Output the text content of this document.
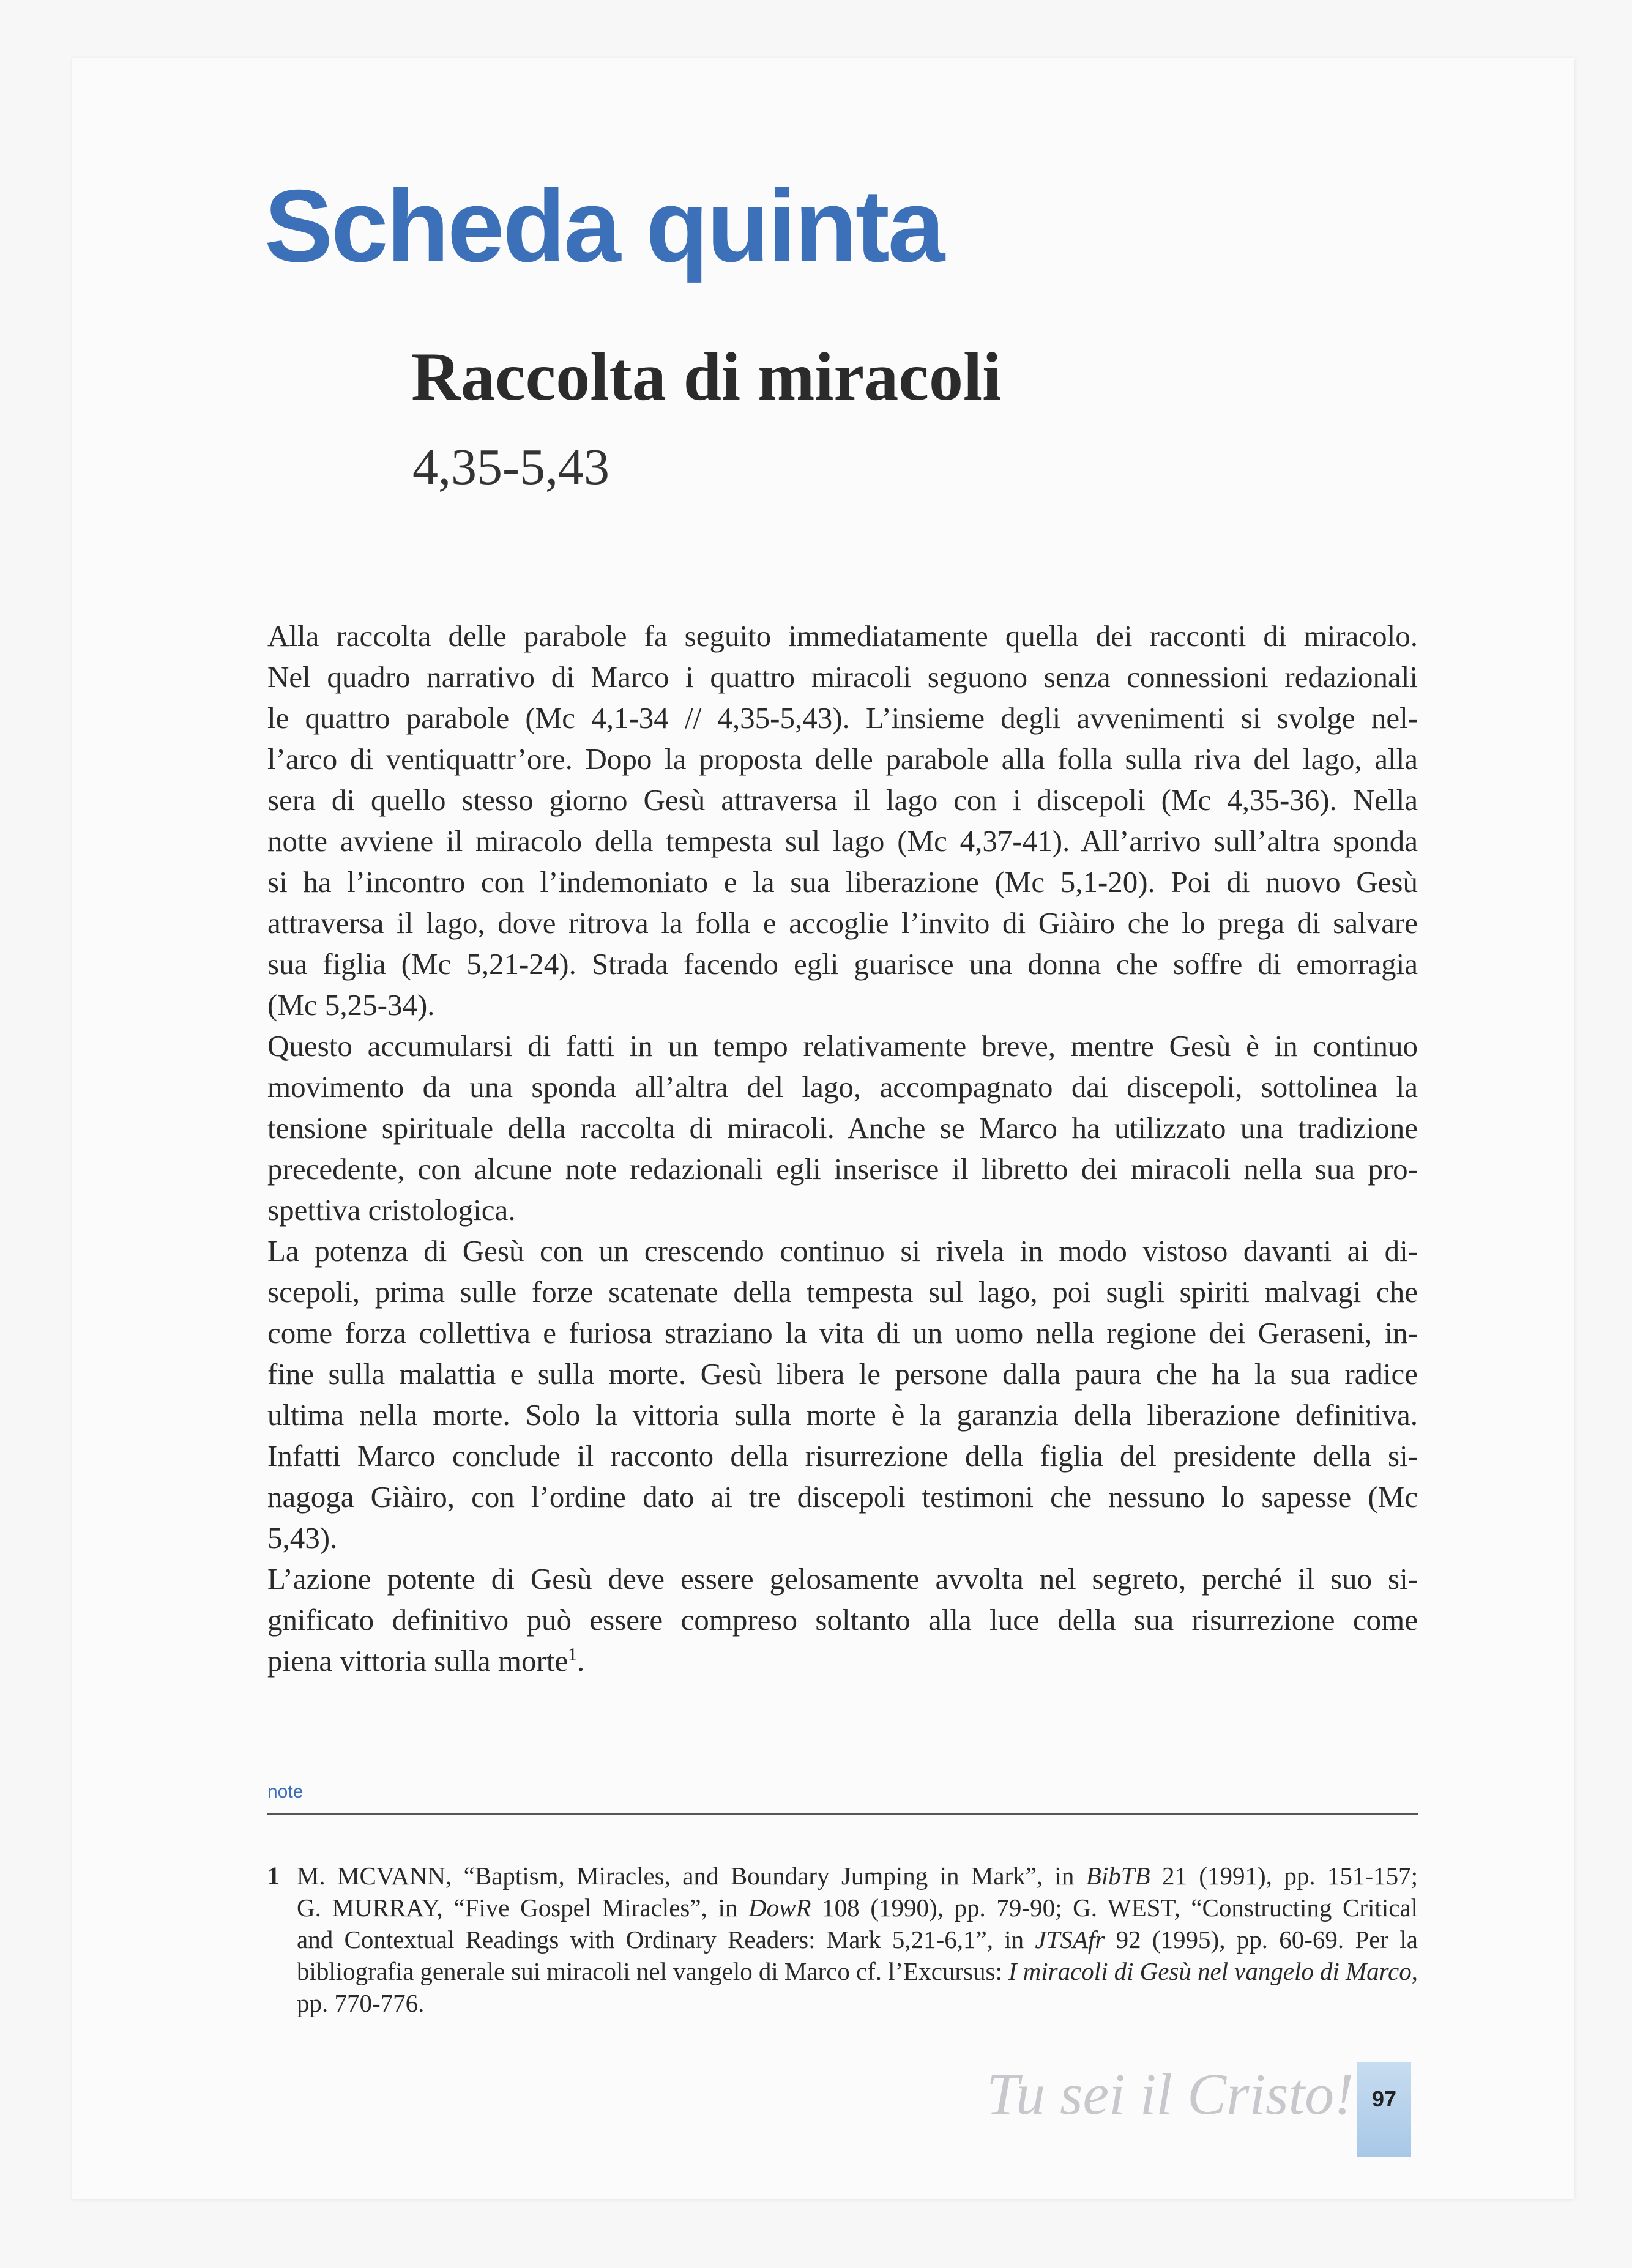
Scheda quinta
Raccolta di miracoli
4,35-5,43
Alla raccolta delle parabole fa seguito immediatamente quella dei racconti di miracolo.
Nel quadro narrativo di Marco i quattro miracoli seguono senza connessioni redazionali
le quattro parabole (Mc 4,1-34 // 4,35-5,43). L’insieme degli avvenimenti si svolge nel-
l’arco di ventiquattr’ore. Dopo la proposta delle parabole alla folla sulla riva del lago, alla
sera di quello stesso giorno Gesù attraversa il lago con i discepoli (Mc 4,35-36). Nella
notte avviene il miracolo della tempesta sul lago (Mc 4,37-41). All’arrivo sull’altra sponda
si ha l’incontro con l’indemoniato e la sua liberazione (Mc 5,1-20). Poi di nuovo Gesù
attraversa il lago, dove ritrova la folla e accoglie l’invito di Giàiro che lo prega di salvare
sua figlia (Mc 5,21-24). Strada facendo egli guarisce una donna che soffre di emorragia
(Mc 5,25-34).
Questo accumularsi di fatti in un tempo relativamente breve, mentre Gesù è in continuo
movimento da una sponda all’altra del lago, accompagnato dai discepoli, sottolinea la
tensione spirituale della raccolta di miracoli. Anche se Marco ha utilizzato una tradizione
precedente, con alcune note redazionali egli inserisce il libretto dei miracoli nella sua pro-
spettiva cristologica.
La potenza di Gesù con un crescendo continuo si rivela in modo vistoso davanti ai di-
scepoli, prima sulle forze scatenate della tempesta sul lago, poi sugli spiriti malvagi che
come forza collettiva e furiosa straziano la vita di un uomo nella regione dei Geraseni, in-
fine sulla malattia e sulla morte. Gesù libera le persone dalla paura che ha la sua radice
ultima nella morte. Solo la vittoria sulla morte è la garanzia della liberazione definitiva.
Infatti Marco conclude il racconto della risurrezione della figlia del presidente della si-
nagoga Giàiro, con l’ordine dato ai tre discepoli testimoni che nessuno lo sapesse (Mc
5,43).
L’azione potente di Gesù deve essere gelosamente avvolta nel segreto, perché il suo si-
gnificato definitivo può essere compreso soltanto alla luce della sua risurrezione come
piena vittoria sulla morte$^1$.
note
1 M. MCVANN, “Baptism, Miracles, and Boundary Jumping in Mark”, in BibTB 21 (1991), pp. 151-157;
G. MURRAY, “Five Gospel Miracles”, in DowR 108 (1990), pp. 79-90; G. WEST, “Constructing Critical
and Contextual Readings with Ordinary Readers: Mark 5,21-6,1”, in JTSAfr 92 (1995), pp. 60-69. Per la
bibliografia generale sui miracoli nel vangelo di Marco cf. l’Excursus: I miracoli di Gesù nel vangelo di Marco,
pp. 770-776.
Tu sei il Cristo! 97
